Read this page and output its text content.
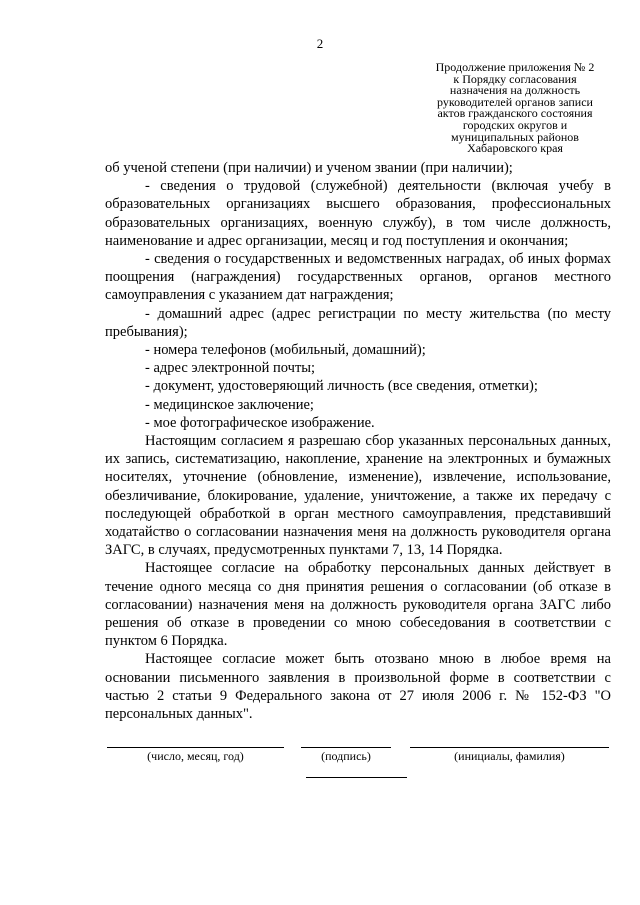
2
Продолжение приложения № 2
к Порядку согласования
назначения на должность
руководителей органов записи
актов гражданского состояния
городских округов и
муниципальных районов
Хабаровского края

об ученой степени (при наличии) и ученом звании (при наличии);

- сведения о трудовой (служебной) деятельности (включая учебу в образовательных организациях высшего образования, профессиональных образовательных организациях, военную службу), в том числе должность, наименование и адрес организации, месяц и год поступления и окончания;

- сведения о государственных и ведомственных наградах, об иных формах поощрения (награждения) государственных органов, органов местного самоуправления с указанием дат награждения;

- домашний адрес (адрес регистрации по месту жительства (по месту пребывания);

- номера телефонов (мобильный, домашний);

- адрес электронной почты;

- документ, удостоверяющий личность (все сведения, отметки);

- медицинское заключение;

- мое фотографическое изображение.

Настоящим согласием я разрешаю сбор указанных персональных данных, их запись, систематизацию, накопление, хранение на электронных и бумажных носителях, уточнение (обновление, изменение), извлечение, использование, обезличивание, блокирование, удаление, уничтожение, а также их передачу с последующей обработкой в орган местного самоуправления, представивший ходатайство о согласовании назначения меня на должность руководителя органа ЗАГС, в случаях, предусмотренных пунктами 7, 13, 14 Порядка.

Настоящее согласие на обработку персональных данных действует в течение одного месяца со дня принятия решения о согласовании (об отказе в согласовании) назначения меня на должность руководителя органа ЗАГС либо решения об отказе в проведении со мною собеседования в соответствии с пунктом 6 Порядка.

Настоящее согласие может быть отозвано мною в любое время на основании письменного заявления в произвольной форме в соответствии с частью 2 статьи 9 Федерального закона от 27 июля 2006 г. № 152-ФЗ "О персональных данных".

(число, месяц, год)	(подпись)	(инициалы, фамилия)
